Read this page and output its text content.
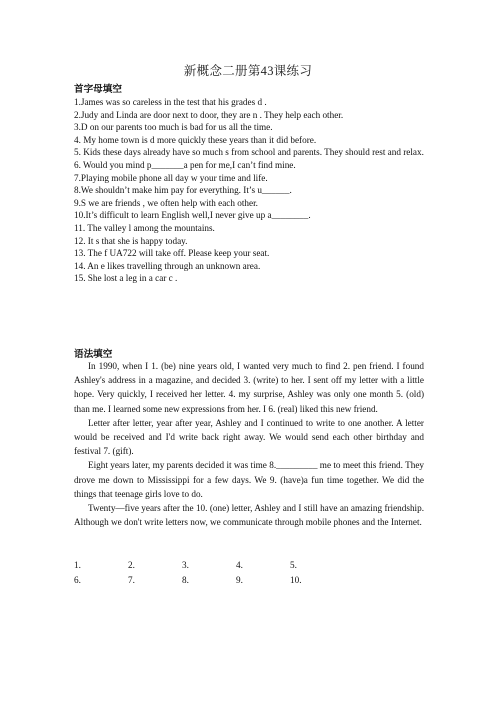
新概念二册第43课练习
首字母填空
1.James was so careless in the test that his grades d .
2.Judy and Linda are door next to door, they are n . They help each other.
3.D on our parents too much is bad for us all the time.
4. My home town is d more quickly these years than it did before.
5. Kids these days already have so much s from school and parents. They should rest and relax.
6. Would you mind p_______a pen for me,I can’t find mine.
7.Playing mobile phone all day w your time and life.
8.We shouldn’t make him pay for everything. It’s u______.
9.S we are friends , we often help with each other.
10.It’s difficult to learn English well,I never give up a________.
11. The valley l among the mountains.
12. It s that she is happy today.
13. The f UA722 will take off. Please keep your seat.
14. An e likes travelling through an unknown area.
15. She lost a leg in a car c .
语法填空

In 1990, when I 1. (be) nine years old, I wanted very much to find 2. pen friend. I found Ashley's address in a magazine, and decided 3. (write) to her. I sent off my letter with a little hope. Very quickly, I received her letter. 4. my surprise, Ashley was only one month 5. (old) than me. I learned some new expressions from her. I 6. (real) liked this new friend.

Letter after letter, year after year, Ashley and I continued to write to one another. A letter would be received and I'd write back right away. We would send each other birthday and festival 7. (gift).

Eight years later, my parents decided it was time 8._________ me to meet this friend. They drove me down to Mississippi for a few days. We 9. (have)a fun time together. We did the things that teenage girls love to do.

Twenty—five years after the 10. (one) letter, Ashley and I still have an amazing friendship. Although we don't write letters now, we communicate through mobile phones and the Internet.

1.	2.	3.	4.	5.
6.	7.	8.	9.	10.
